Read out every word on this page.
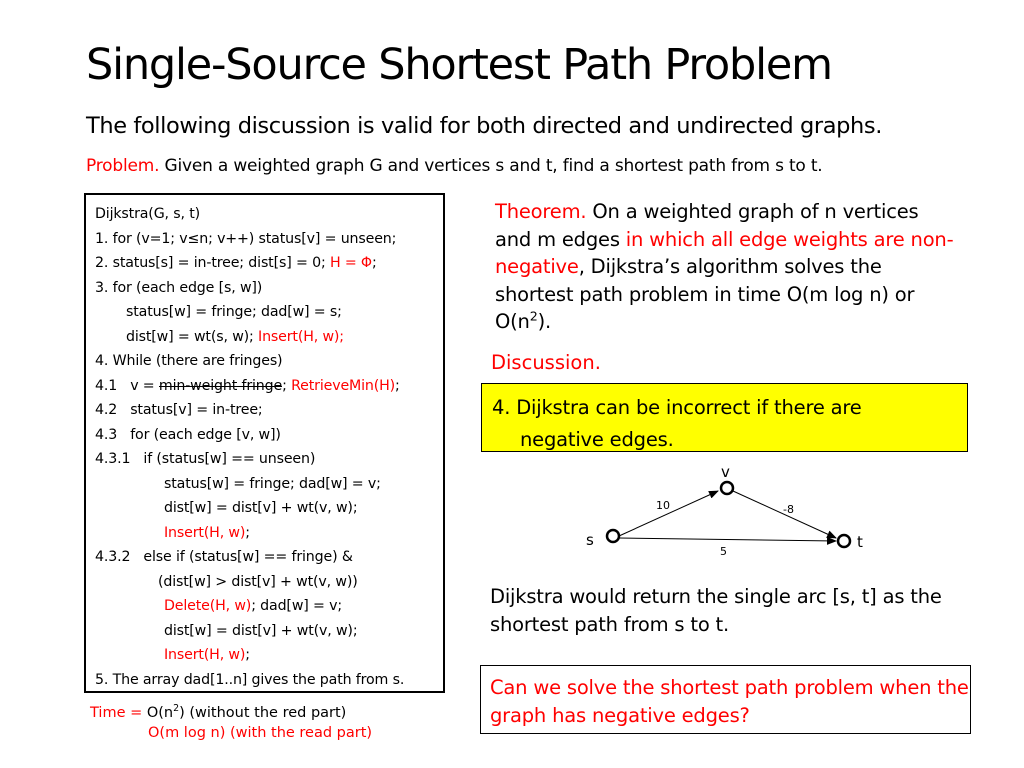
Single-Source Shortest Path Problem
The following discussion is valid for both directed and undirected graphs.
Problem. Given a weighted graph G and vertices s and t, find a shortest path from s to t.
Dijkstra(G, s, t)
1. for (v=1; v≤n; v++) status[v] = unseen;
2. status[s] = in-tree; dist[s] = 0; H = Φ;
3. for (each edge [s, w])
status[w] = fringe; dad[w] = s;
dist[w] = wt(s, w); Insert(H, w);
4. While (there are fringes)
4.1   v = min-weight fringe; RetrieveMin(H);
4.2   status[v] = in-tree;
4.3   for (each edge [v, w])
4.3.1   if (status[w] == unseen)
status[w] = fringe; dad[w] = v;
dist[w] = dist[v] + wt(v, w);
Insert(H, w);
4.3.2   else if (status[w] == fringe) &
(dist[w] > dist[v] + wt(v, w))
Delete(H, w); dad[w] = v;
dist[w] = dist[v] + wt(v, w);
Insert(H, w);
5. The array dad[1..n] gives the path from s.
Time = $O(n^2)$ (without the red part)
O(m log n) (with the read part)
Theorem. On a weighted graph of n vertices and m edges in which all edge weights are non-negative, Dijkstra’s algorithm solves the shortest path problem in time O(m log n) or $O(n^2)$.
Discussion.
4. Dijkstra can be incorrect if there are
negative edges.
v
s	t
10	-8
5
Dijkstra would return the single arc [s, t] as the shortest path from s to t.
Can we solve the shortest path problem when the graph has negative edges?
